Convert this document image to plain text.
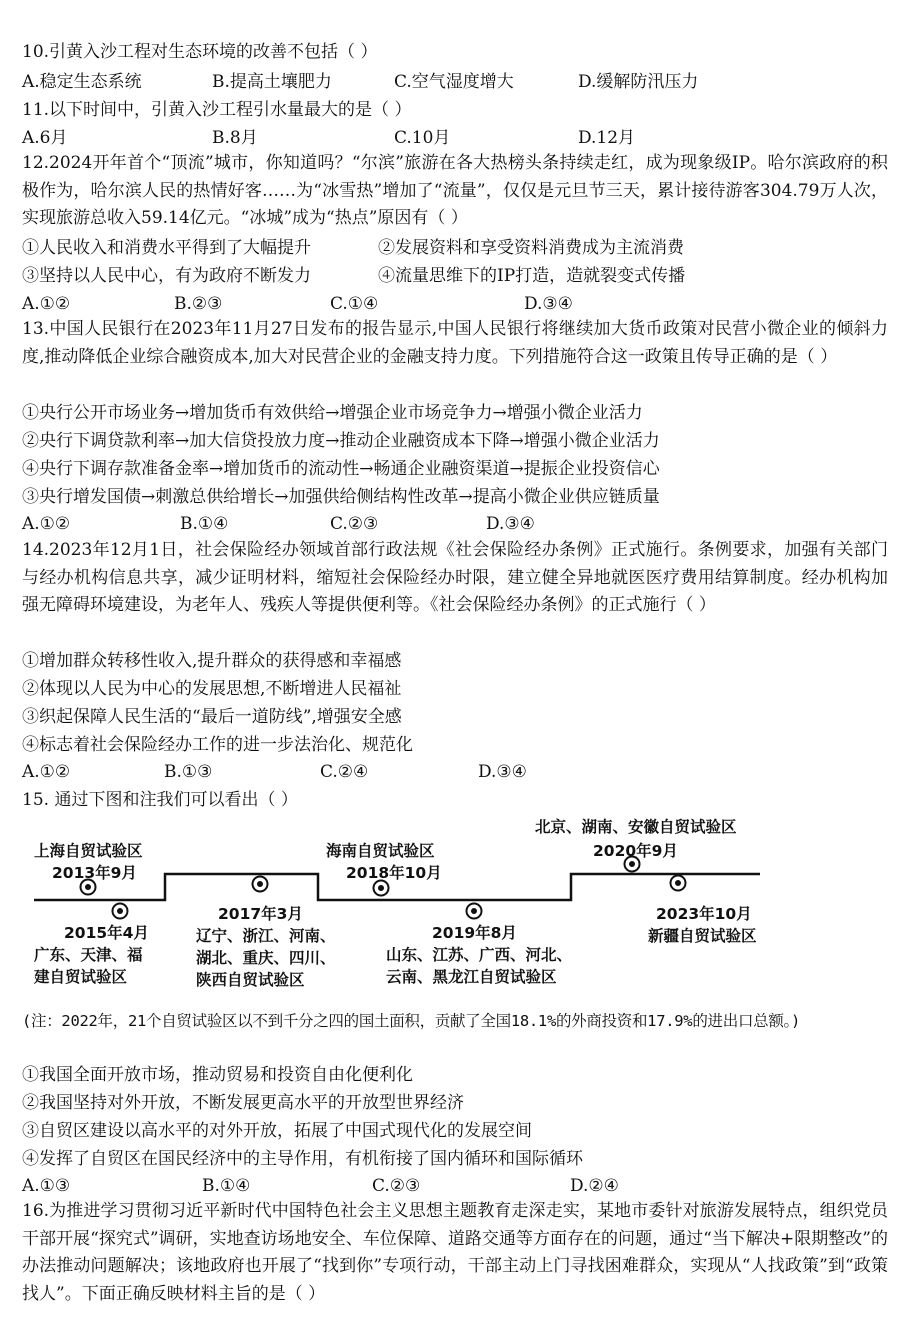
10.引黄入沙工程对生态环境的改善不包括（ ）
A.稳定生态系统	B.提高土壤肥力	C.空气湿度增大	D.缓解防汛压力
11.以下时间中，引黄入沙工程引水量最大的是（ ）
A.6月	B.8月	C.10月	D.12月
12.2024开年首个“顶流”城市，你知道吗？“尔滨”旅游在各大热榜头条持续走红，成为现象级IP。哈尔滨政府的积极作为，哈尔滨人民的热情好客……为“冰雪热”增加了“流量”，仅仅是元旦节三天，累计接待游客304.79万人次，实现旅游总收入59.14亿元。“冰城”成为“热点”原因有（ ）
①人民收入和消费水平得到了大幅提升	②发展资料和享受资料消费成为主流消费
③坚持以人民中心，有为政府不断发力	④流量思维下的IP打造，造就裂变式传播
A.①②	B.②③	C.①④	D.③④
13.中国人民银行在2023年11月27日发布的报告显示,中国人民银行将继续加大货币政策对民营小微企业的倾斜力度,推动降低企业综合融资成本,加大对民营企业的金融支持力度。下列措施符合这一政策且传导正确的是（ ）
①央行公开市场业务→增加货币有效供给→增强企业市场竞争力→增强小微企业活力
②央行下调贷款利率→加大信贷投放力度→推动企业融资成本下降→增强小微企业活力
④央行下调存款准备金率→增加货币的流动性→畅通企业融资渠道→提振企业投资信心
③央行增发国债→刺激总供给增长→加强供给侧结构性改革→提高小微企业供应链质量
A.①②	B.①④	C.②③	D.③④
14.2023年12月1日，社会保险经办领域首部行政法规《社会保险经办条例》正式施行。条例要求，加强有关部门与经办机构信息共享，减少证明材料，缩短社会保险经办时限，建立健全异地就医医疗费用结算制度。经办机构加强无障碍环境建设，为老年人、残疾人等提供便利等。《社会保险经办条例》的正式施行（ ）
①增加群众转移性收入,提升群众的获得感和幸福感
②体现以人民为中心的发展思想,不断增进人民福祉
③织起保障人民生活的“最后一道防线”,增强安全感
④标志着社会保险经办工作的进一步法治化、规范化
A.①②	B.①③	C.②④	D.③④
15. 通过下图和注我们可以看出（ ）
上海自贸试验区
2013年9月
2015年4月
广东、天津、福
建自贸试验区
2017年3月
辽宁、浙江、河南、
湖北、重庆、四川、
陕西自贸试验区
海南自贸试验区
2018年10月
2019年8月
山东、江苏、广西、河北、
云南、黑龙江自贸试验区
北京、湖南、安徽自贸试验区
2020年9月
2023年10月
新疆自贸试验区
(注：2022年，21个自贸试验区以不到千分之四的国土面积，贡献了全国18.1%的外商投资和17.9%的进出口总额。)
①我国全面开放市场，推动贸易和投资自由化便利化
②我国坚持对外开放，不断发展更高水平的开放型世界经济
③自贸区建设以高水平的对外开放，拓展了中国式现代化的发展空间
④发挥了自贸区在国民经济中的主导作用，有机衔接了国内循环和国际循环
A.①③	B.①④	C.②③	D.②④
16.为推进学习贯彻习近平新时代中国特色社会主义思想主题教育走深走实，某地市委针对旅游发展特点，组织党员干部开展“探究式”调研，实地查访场地安全、车位保障、道路交通等方面存在的问题，通过“当下解决+限期整改”的办法推动问题解决；该地政府也开展了“找到你”专项行动，干部主动上门寻找困难群众，实现从“人找政策”到“政策找人”。下面正确反映材料主旨的是（ ）
